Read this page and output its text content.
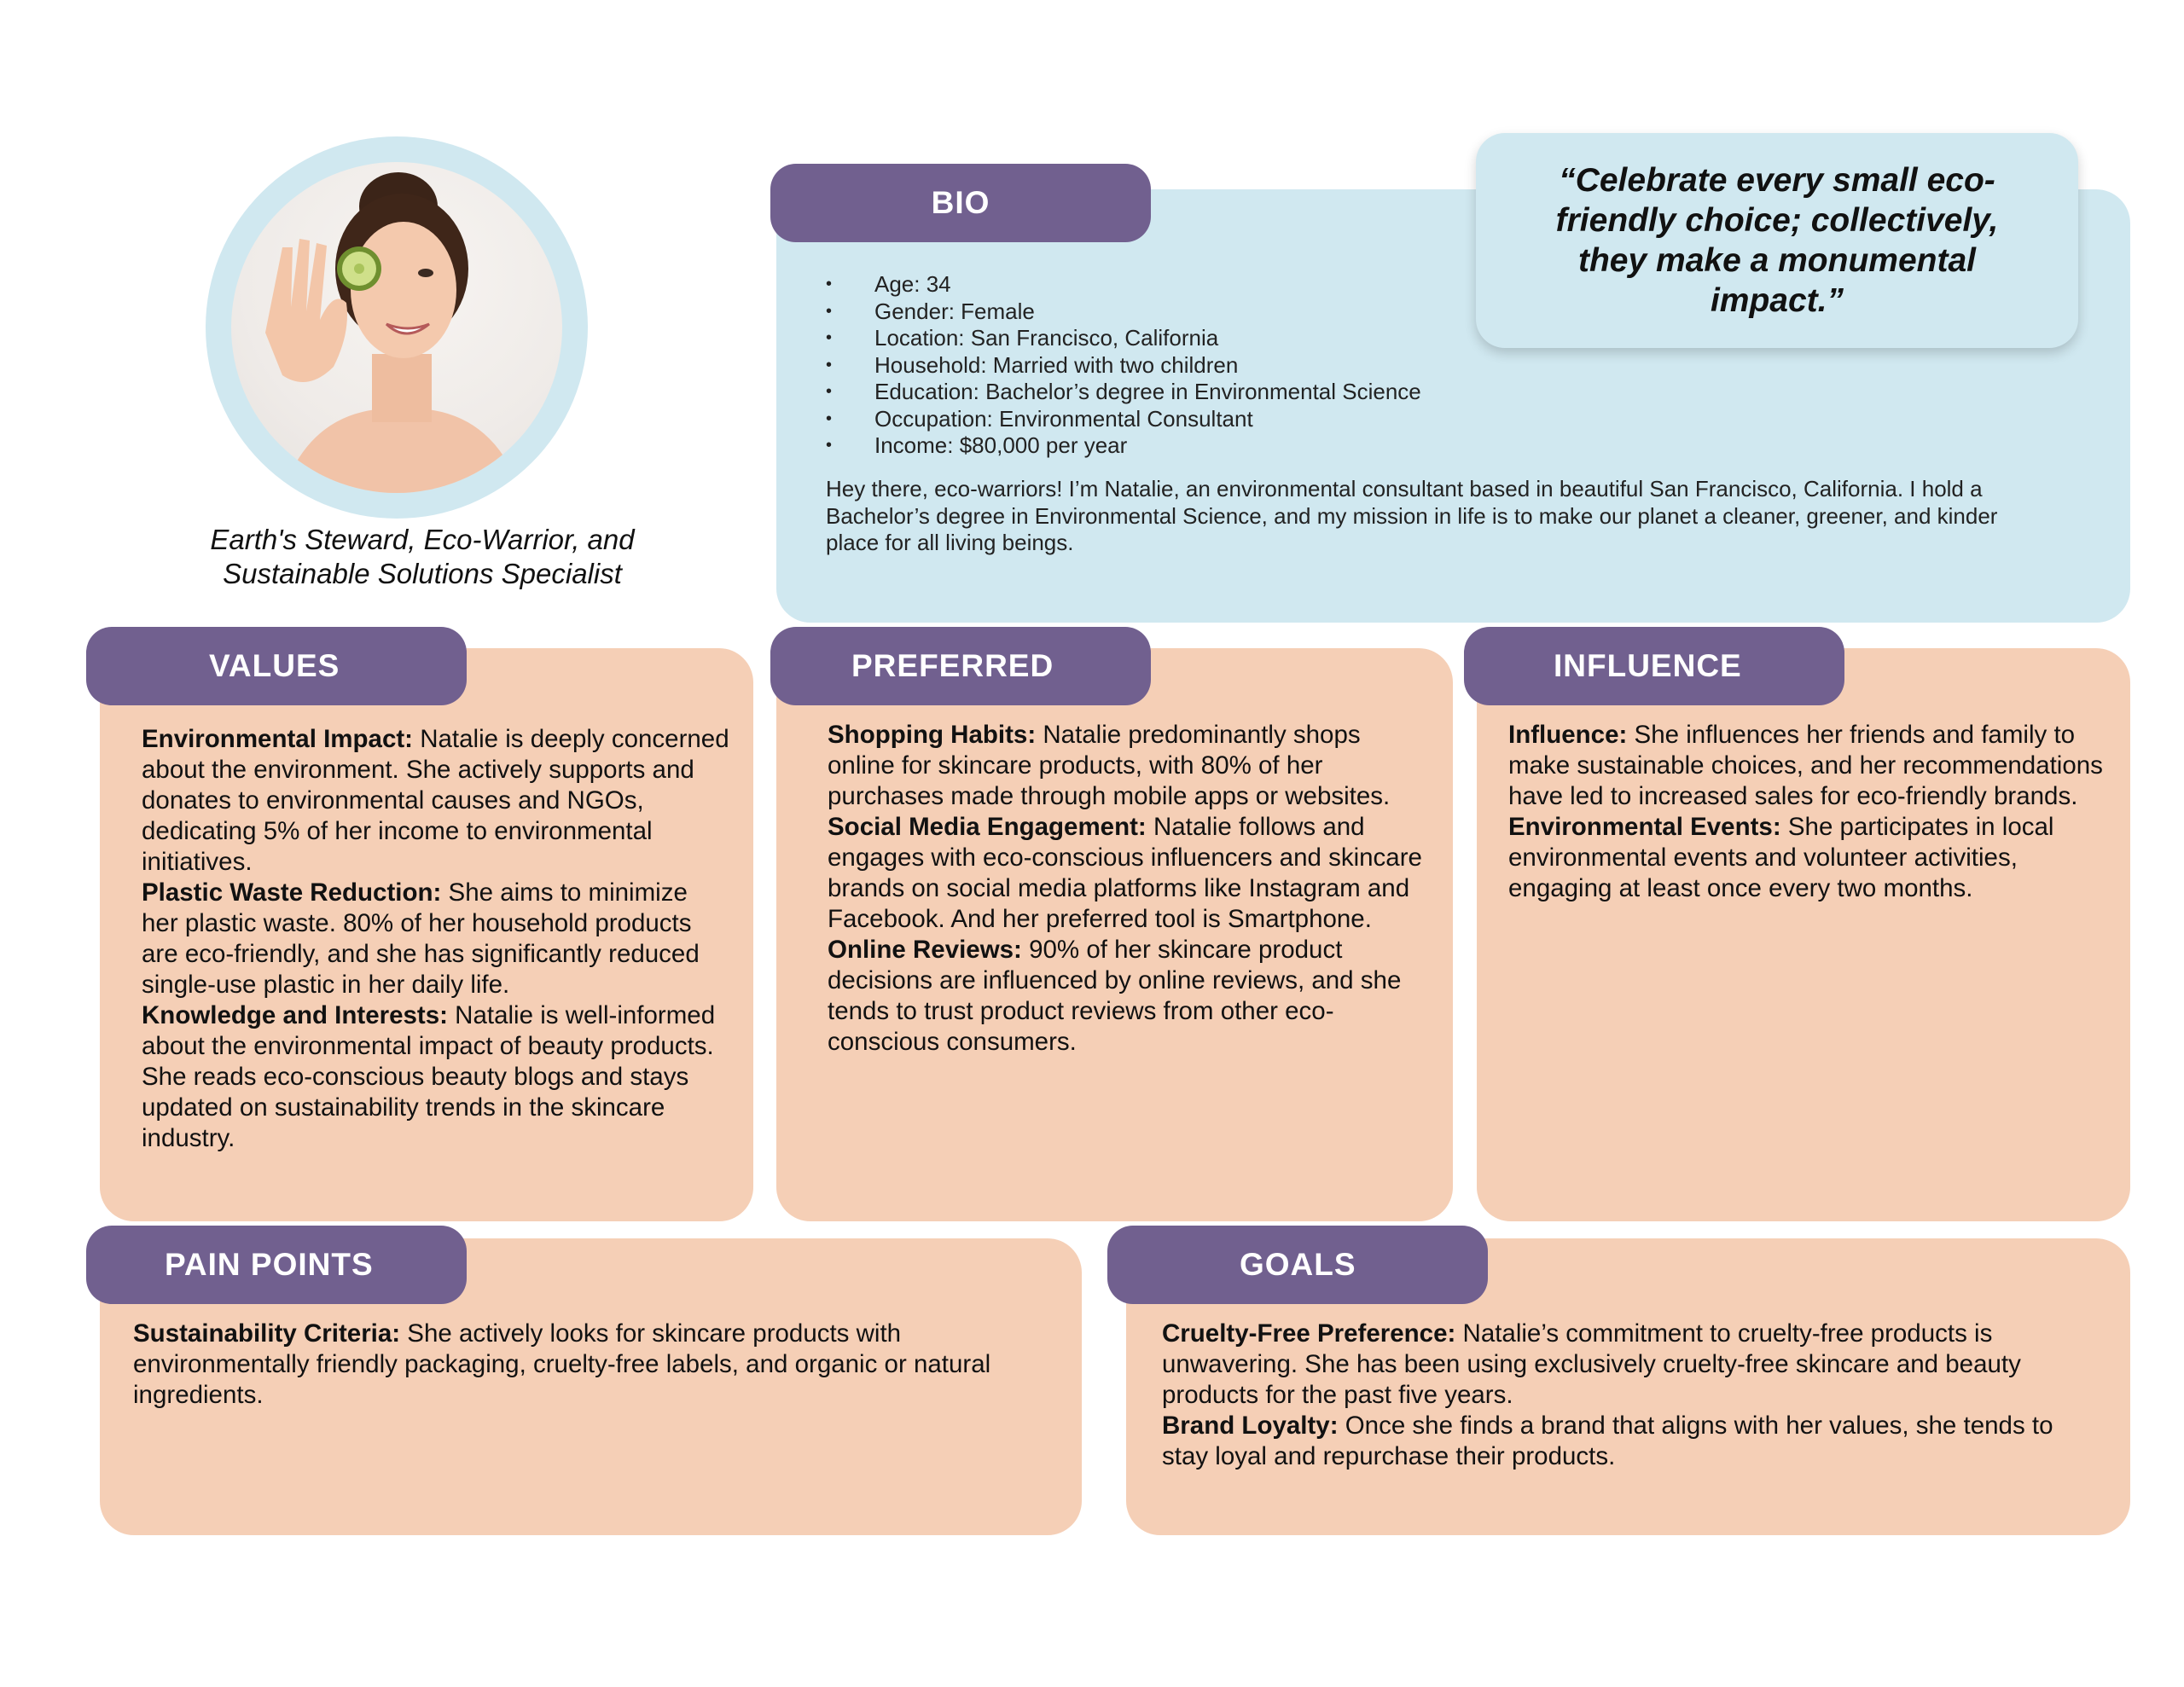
Earth's Steward, Eco-Warrior, and
Sustainable Solutions Specialist
BIO
• Age: 34
• Gender: Female
• Location: San Francisco, California
• Household: Married with two children
• Education: Bachelor’s degree in Environmental Science
• Occupation: Environmental Consultant
• Income: $80,000 per year
Hey there, eco-warriors! I’m Natalie, an environmental consultant based in beautiful San Francisco, California. I hold a Bachelor’s degree in Environmental Science, and my mission in life is to make our planet a cleaner, greener, and kinder place for all living beings.
“Celebrate every small eco-friendly choice; collectively, they make a monumental impact.”
VALUES

Environmental Impact: Natalie is deeply concerned about the environment. She actively supports and donates to environmental causes and NGOs, dedicating 5% of her income to environmental initiatives.

Plastic Waste Reduction: She aims to minimize her plastic waste. 80% of her household products are eco-friendly, and she has significantly reduced single-use plastic in her daily life.

Knowledge and Interests: Natalie is well-informed about the environmental impact of beauty products. She reads eco-conscious beauty blogs and stays updated on sustainability trends in the skincare industry.

PREFERRED

Shopping Habits: Natalie predominantly shops online for skincare products, with 80% of her purchases made through mobile apps or websites.

Social Media Engagement: Natalie follows and engages with eco-conscious influencers and skincare brands on social media platforms like Instagram and Facebook. And her preferred tool is Smartphone.

Online Reviews: 90% of her skincare product decisions are influenced by online reviews, and she tends to trust product reviews from other eco-conscious consumers.

INFLUENCE

Influence: She influences her friends and family to make sustainable choices, and her recommendations have led to increased sales for eco-friendly brands.

Environmental Events: She participates in local environmental events and volunteer activities, engaging at least once every two months.

PAIN POINTS

Sustainability Criteria: She actively looks for skincare products with environmentally friendly packaging, cruelty-free labels, and organic or natural ingredients.

GOALS

Cruelty-Free Preference: Natalie’s commitment to cruelty-free products is unwavering. She has been using exclusively cruelty-free skincare and beauty products for the past five years.

Brand Loyalty: Once she finds a brand that aligns with her values, she tends to stay loyal and repurchase their products.
